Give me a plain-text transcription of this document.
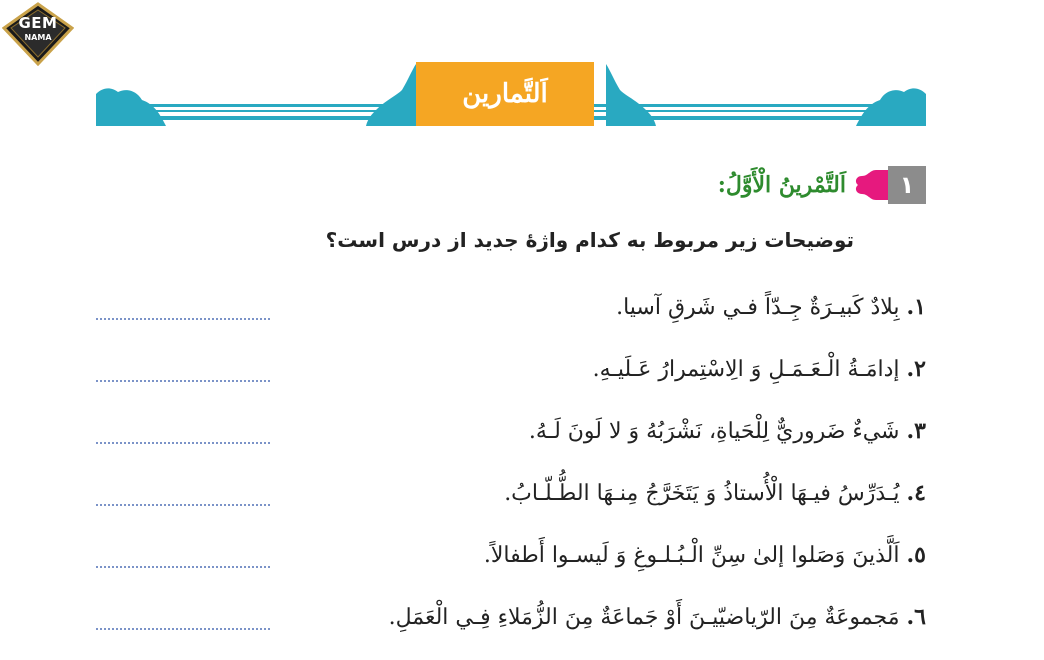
GEM
NAMA
اَلتَّمارين
١
اَلتَّمْرينُ الْأَوَّلُ:
توضیحات زیر مربوط به کدام واژهٔ جدید از درس است؟
١. بِلادٌ كَبيـرَةٌ جِـدّاً فـي شَرقِ آسيا.
٢. إدامَـةُ الْـعَـمَـلِ وَ الِاسْتِمرارُ عَـلَيـهِ.
٣. شَيءٌ ضَروريٌّ لِلْحَياةِ، نَشْرَبُهُ وَ لا لَونَ لَـهُ.
٤. يُـدَرِّسُ فيـهَا الْأُستاذُ وَ يَتَخَرَّجُ مِنـهَا الطُّـلّـابُ.
٥. اَلَّذينَ وَصَلوا إلىٰ سِنِّ الْـبُـلـوغِ وَ لَيسـوا أَطفالاً.
٦. مَجموعَةٌ مِنَ الرّياضيّيـنَ أَوْ جَماعَةٌ مِنَ الزُّمَلاءِ فِـي الْعَمَلِ.
